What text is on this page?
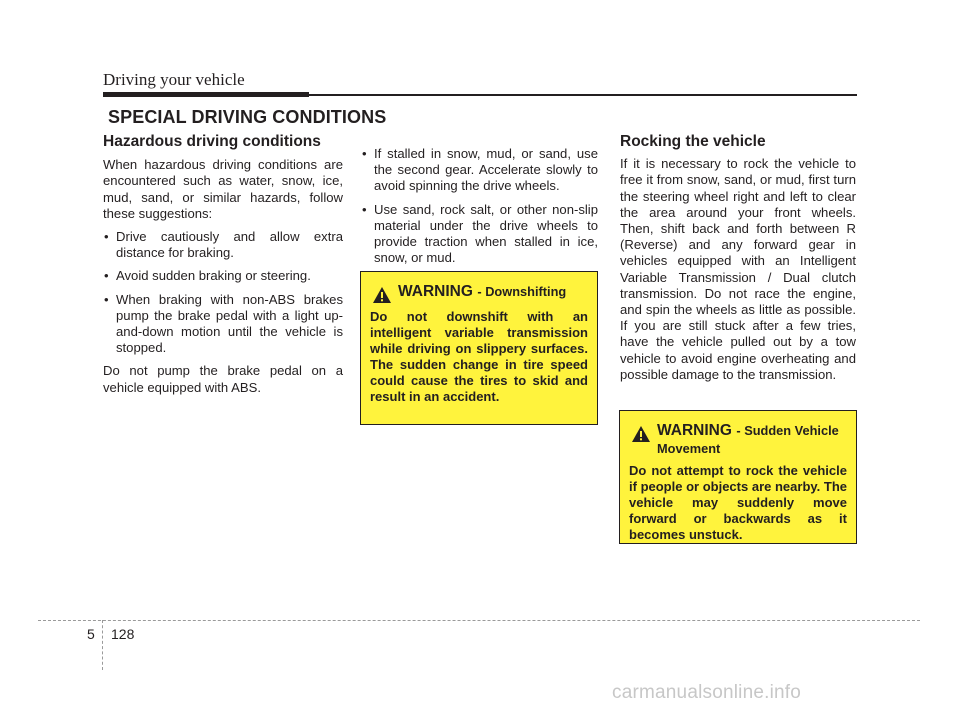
Driving your vehicle
SPECIAL DRIVING CONDITIONS
Hazardous driving conditions

When hazardous driving conditions are encountered such as water, snow, ice, mud, sand, or similar hazards, follow these suggestions:

• Drive cautiously and allow extra distance for braking.
• Avoid sudden braking or steering.
• When braking with non-ABS brakes pump the brake pedal with a light up-and-down motion until the vehicle is stopped.

Do not pump the brake pedal on a vehicle equipped with ABS.

• If stalled in snow, mud, or sand, use the second gear. Accelerate slowly to avoid spinning the drive wheels.
• Use sand, rock salt, or other non-slip material under the drive wheels to provide traction when stalled in ice, snow, or mud.
WARNING - Downshifting
Do not downshift with an intelligent variable transmission while driving on slippery surfaces. The sudden change in tire speed could cause the tires to skid and result in an accident.
Rocking the vehicle

If it is necessary to rock the vehicle to free it from snow, sand, or mud, first turn the steering wheel right and left to clear the area around your front wheels. Then, shift back and forth between R (Reverse) and any forward gear in vehicles equipped with an Intelligent Variable Transmission / Dual clutch transmission. Do not race the engine, and spin the wheels as little as possible. If you are still stuck after a few tries, have the vehicle pulled out by a tow vehicle to avoid engine overheating and possible damage to the transmission.

WARNING - Sudden Vehicle Movement
Do not attempt to rock the vehicle if people or objects are nearby. The vehicle may suddenly move forward or backwards as it becomes unstuck.
5 128
carmanualsonline.info
